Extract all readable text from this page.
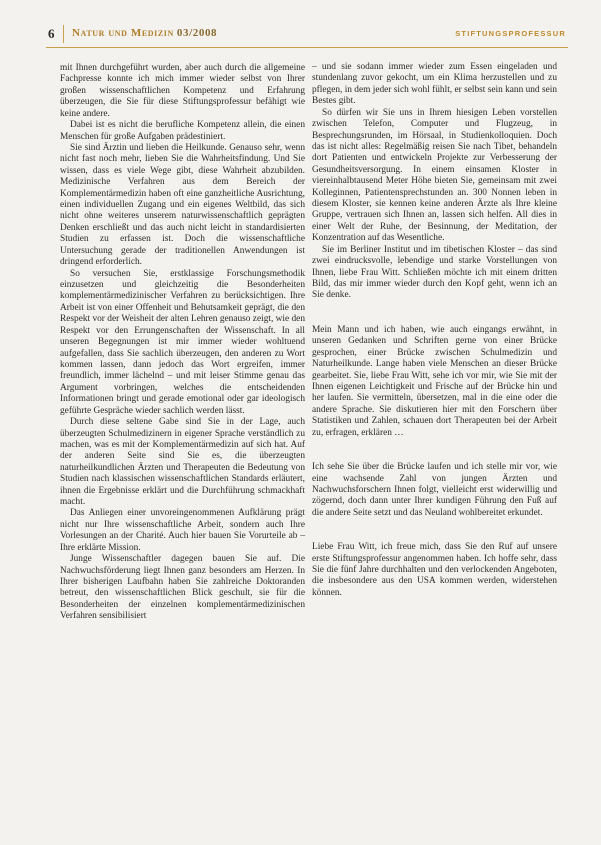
6 Natur und Medizin 03/2008	STIFTUNGSPROFESSUR

mit Ihnen durchgeführt wurden, aber auch durch die allgemeine Fachpresse konnte ich mich immer wieder selbst von Ihrer großen wissenschaftlichen Kompetenz und Erfahrung überzeugen, die Sie für diese Stiftungsprofessur befähigt wie keine andere.

Dabei ist es nicht die berufliche Kompetenz allein, die einen Menschen für große Aufgaben prädestiniert.

Sie sind Ärztin und lieben die Heilkunde. Genauso sehr, wenn nicht fast noch mehr, lieben Sie die Wahrheitsfindung. Und Sie wissen, dass es viele Wege gibt, diese Wahrheit abzubilden. Medizinische Verfahren aus dem Bereich der Komplementärmedizin haben oft eine ganzheitliche Ausrichtung, einen individuellen Zugang und ein eigenes Weltbild, das sich nicht ohne weiteres unserem naturwissenschaftlich geprägten Denken erschließt und das auch nicht leicht in standardisierten Studien zu erfassen ist. Doch die wissenschaftliche Untersuchung gerade der traditionellen Anwendungen ist dringend erforderlich.

So versuchen Sie, erstklassige Forschungsmethodik einzusetzen und gleichzeitig die Besonderheiten komplementärmedizinischer Verfahren zu berücksichtigen. Ihre Arbeit ist von einer Offenheit und Behutsamkeit geprägt, die den Respekt vor der Weisheit der alten Lehren genauso zeigt, wie den Respekt vor den Errungenschaften der Wissenschaft. In all unseren Begegnungen ist mir immer wieder wohltuend aufgefallen, dass Sie sachlich überzeugen, den anderen zu Wort kommen lassen, dann jedoch das Wort ergreifen, immer freundlich, immer lächelnd – und mit leiser Stimme genau das Argument vorbringen, welches die entscheidenden Informationen bringt und gerade emotional oder gar ideologisch geführte Gespräche wieder sachlich werden lässt.

Durch diese seltene Gabe sind Sie in der Lage, auch überzeugten Schulmedizinern in eigener Sprache verständlich zu machen, was es mit der Komplementärmedizin auf sich hat. Auf der anderen Seite sind Sie es, die überzeugten naturheilkundlichen Ärzten und Therapeuten die Bedeutung von Studien nach klassischen wissenschaftlichen Standards erläutert, ihnen die Ergebnisse erklärt und die Durchführung schmackhaft macht.

Das Anliegen einer unvoreingenommenen Aufklärung prägt nicht nur Ihre wissenschaftliche Arbeit, sondern auch Ihre Vorlesungen an der Charité. Auch hier bauen Sie Vorurteile ab – Ihre erklärte Mission.

Junge Wissenschaftler dagegen bauen Sie auf. Die Nachwuchsförderung liegt Ihnen ganz besonders am Herzen. In Ihrer bisherigen Laufbahn haben Sie zahlreiche Doktoranden betreut, den wissenschaftlichen Blick geschult, sie für die Besonderheiten der einzelnen komplementärmedizinischen Verfahren sensibilisiert

– und sie sodann immer wieder zum Essen eingeladen und stundenlang zuvor gekocht, um ein Klima herzustellen und zu pflegen, in dem jeder sich wohl fühlt, er selbst sein kann und sein Bestes gibt.

So dürfen wir Sie uns in Ihrem hiesigen Leben vorstellen zwischen Telefon, Computer und Flugzeug, in Besprechungsrunden, im Hörsaal, in Studienkolloquien. Doch das ist nicht alles: Regelmäßig reisen Sie nach Tibet, behandeln dort Patienten und entwickeln Projekte zur Verbesserung der Gesundheitsversorgung. In einem einsamen Kloster in viereinhalbtausend Meter Höhe bieten Sie, gemeinsam mit zwei Kolleginnen, Patientensprechstunden an. 300 Nonnen leben in diesem Kloster, sie kennen keine anderen Ärzte als Ihre kleine Gruppe, vertrauen sich Ihnen an, lassen sich helfen. All dies in einer Welt der Ruhe, der Besinnung, der Meditation, der Konzentration auf das Wesentliche.

Sie im Berliner Institut und im tibetischen Kloster – das sind zwei eindrucksvolle, lebendige und starke Vorstellungen von Ihnen, liebe Frau Witt. Schließen möchte ich mit einem dritten Bild, das mir immer wieder durch den Kopf geht, wenn ich an Sie denke.

Mein Mann und ich haben, wie auch eingangs erwähnt, in unseren Gedanken und Schriften gerne von einer Brücke gesprochen, einer Brücke zwischen Schulmedizin und Naturheilkunde. Lange haben viele Menschen an dieser Brücke gearbeitet. Sie, liebe Frau Witt, sehe ich vor mir, wie Sie mit der Ihnen eigenen Leichtigkeit und Frische auf der Brücke hin und her laufen. Sie vermitteln, übersetzen, mal in die eine oder die andere Sprache. Sie diskutieren hier mit den Forschern über Statistiken und Zahlen, schauen dort Therapeuten bei der Arbeit zu, erfragen, erklären …

Ich sehe Sie über die Brücke laufen und ich stelle mir vor, wie eine wachsende Zahl von jungen Ärzten und Nachwuchsforschern Ihnen folgt, vielleicht erst widerwillig und zögernd, doch dann unter Ihrer kundigen Führung den Fuß auf die andere Seite setzt und das Neuland wohlbereitet erkundet.

Liebe Frau Witt, ich freue mich, dass Sie den Ruf auf unsere erste Stiftungsprofessur angenommen haben. Ich hoffe sehr, dass Sie die fünf Jahre durchhalten und den verlockenden Angeboten, die insbesondere aus den USA kommen werden, widerstehen können.
